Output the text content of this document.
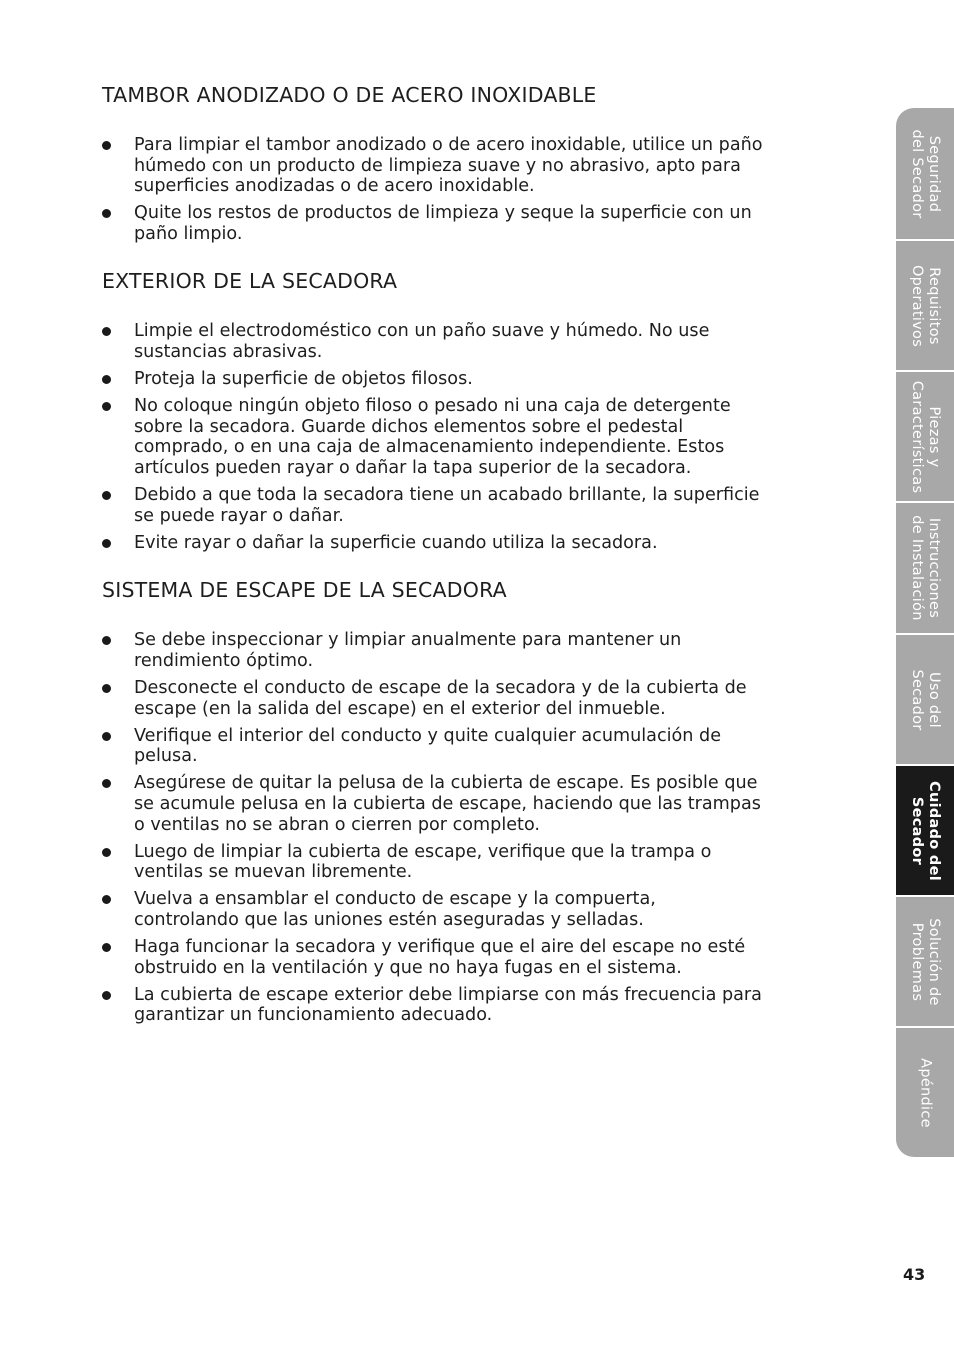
TAMBOR ANODIZADO O DE ACERO INOXIDABLE
Para limpiar el tambor anodizado o de acero inoxidable, utilice un paño
húmedo con un producto de limpieza suave y no abrasivo, apto para
superficies anodizadas o de acero inoxidable.
Quite los restos de productos de limpieza y seque la superficie con un
paño limpio.
EXTERIOR DE LA SECADORA
Limpie el electrodoméstico con un paño suave y húmedo. No use
sustancias abrasivas.
Proteja la superficie de objetos filosos.
No coloque ningún objeto filoso o pesado ni una caja de detergente
sobre la secadora. Guarde dichos elementos sobre el pedestal
comprado, o en una caja de almacenamiento independiente. Estos
artículos pueden rayar o dañar la tapa superior de la secadora.
Debido a que toda la secadora tiene un acabado brillante, la superficie
se puede rayar o dañar.
Evite rayar o dañar la superficie cuando utiliza la secadora.
SISTEMA DE ESCAPE DE LA SECADORA
Se debe inspeccionar y limpiar anualmente para mantener un
rendimiento óptimo.
Desconecte el conducto de escape de la secadora y de la cubierta de
escape (en la salida del escape) en el exterior del inmueble.
Verifique el interior del conducto y quite cualquier acumulación de
pelusa.
Asegúrese de quitar la pelusa de la cubierta de escape. Es posible que
se acumule pelusa en la cubierta de escape, haciendo que las trampas
o ventilas no se abran o cierren por completo.
Luego de limpiar la cubierta de escape, verifique que la trampa o
ventilas se muevan libremente.
Vuelva a ensamblar el conducto de escape y la compuerta,
controlando que las uniones estén aseguradas y selladas.
Haga funcionar la secadora y verifique que el aire del escape no esté
obstruido en la ventilación y que no haya fugas en el sistema.
La cubierta de escape exterior debe limpiarse con más frecuencia para
garantizar un funcionamiento adecuado.
Seguridad
del Secador
Requisitos
Operativos
Piezas y
Características
Instrucciones
de Instalación
Uso del
Secador
Cuidado del
Secador
Solución de
Problemas
Apéndice
43
